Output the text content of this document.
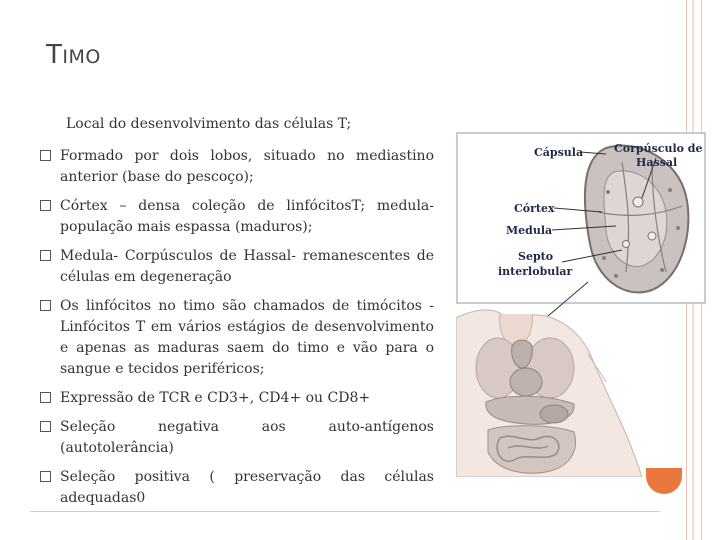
TIMO
Local do desenvolvimento das células T;
Formado por dois lobos, situado no mediastino anterior (base do pescoço);
Córtex – densa coleção de linfócitosT; medula- população mais espassa (maduros);
Medula- Corpúsculos de Hassal- remanescentes de células em degeneração
Os linfócitos no timo são chamados de timócitos - Linfócitos T em vários estágios de desenvolvimento e apenas as maduras saem do timo e vão para o sangue e tecidos periféricos;
Expressão de TCR e CD3+, CD4+ ou CD8+
Seleção negativa aos auto-antígenos (autotolerância)
Seleção positiva ( preservação das células adequadas0
Cápsula	Corpúsculo de
Hassal
Córtex
Medula
Septo
interlobular
